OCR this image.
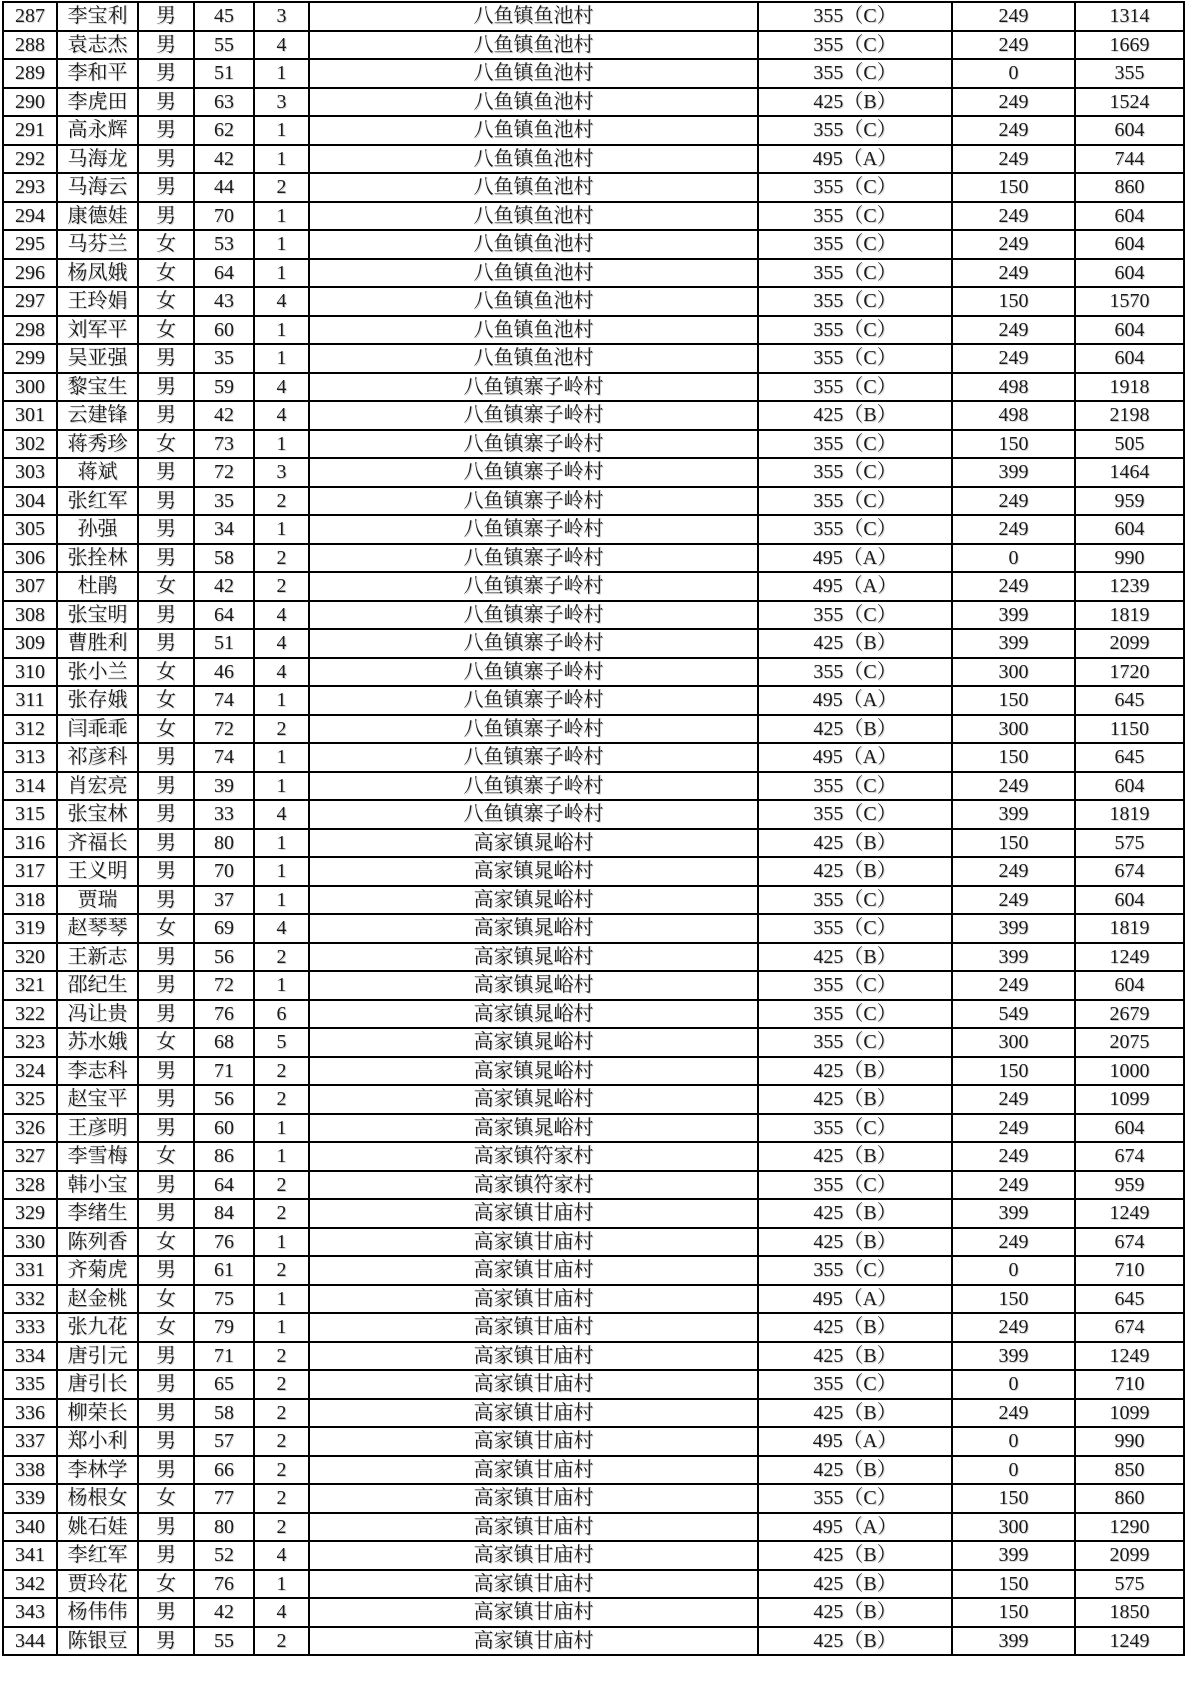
287	李宝利	男	45	3	八鱼镇鱼池村	355（C）	249	1314
288	袁志杰	男	55	4	八鱼镇鱼池村	355（C）	249	1669
289	李和平	男	51	1	八鱼镇鱼池村	355（C）	0	355
290	李虎田	男	63	3	八鱼镇鱼池村	425（B）	249	1524
291	高永辉	男	62	1	八鱼镇鱼池村	355（C）	249	604
292	马海龙	男	42	1	八鱼镇鱼池村	495（A）	249	744
293	马海云	男	44	2	八鱼镇鱼池村	355（C）	150	860
294	康德娃	男	70	1	八鱼镇鱼池村	355（C）	249	604
295	马芬兰	女	53	1	八鱼镇鱼池村	355（C）	249	604
296	杨凤娥	女	64	1	八鱼镇鱼池村	355（C）	249	604
297	王玲娟	女	43	4	八鱼镇鱼池村	355（C）	150	1570
298	刘军平	女	60	1	八鱼镇鱼池村	355（C）	249	604
299	吴亚强	男	35	1	八鱼镇鱼池村	355（C）	249	604
300	黎宝生	男	59	4	八鱼镇寨子岭村	355（C）	498	1918
301	云建锋	男	42	4	八鱼镇寨子岭村	425（B）	498	2198
302	蒋秀珍	女	73	1	八鱼镇寨子岭村	355（C）	150	505
303	蒋斌	男	72	3	八鱼镇寨子岭村	355（C）	399	1464
304	张红军	男	35	2	八鱼镇寨子岭村	355（C）	249	959
305	孙强	男	34	1	八鱼镇寨子岭村	355（C）	249	604
306	张拴林	男	58	2	八鱼镇寨子岭村	495（A）	0	990
307	杜鹃	女	42	2	八鱼镇寨子岭村	495（A）	249	1239
308	张宝明	男	64	4	八鱼镇寨子岭村	355（C）	399	1819
309	曹胜利	男	51	4	八鱼镇寨子岭村	425（B）	399	2099
310	张小兰	女	46	4	八鱼镇寨子岭村	355（C）	300	1720
311	张存娥	女	74	1	八鱼镇寨子岭村	495（A）	150	645
312	闫乖乖	女	72	2	八鱼镇寨子岭村	425（B）	300	1150
313	祁彦科	男	74	1	八鱼镇寨子岭村	495（A）	150	645
314	肖宏亮	男	39	1	八鱼镇寨子岭村	355（C）	249	604
315	张宝林	男	33	4	八鱼镇寨子岭村	355（C）	399	1819
316	齐福长	男	80	1	高家镇晁峪村	425（B）	150	575
317	王义明	男	70	1	高家镇晁峪村	425（B）	249	674
318	贾瑞	男	37	1	高家镇晁峪村	355（C）	249	604
319	赵琴琴	女	69	4	高家镇晁峪村	355（C）	399	1819
320	王新志	男	56	2	高家镇晁峪村	425（B）	399	1249
321	邵纪生	男	72	1	高家镇晁峪村	355（C）	249	604
322	冯让贵	男	76	6	高家镇晁峪村	355（C）	549	2679
323	苏水娥	女	68	5	高家镇晁峪村	355（C）	300	2075
324	李志科	男	71	2	高家镇晁峪村	425（B）	150	1000
325	赵宝平	男	56	2	高家镇晁峪村	425（B）	249	1099
326	王彦明	男	60	1	高家镇晁峪村	355（C）	249	604
327	李雪梅	女	86	1	高家镇符家村	425（B）	249	674
328	韩小宝	男	64	2	高家镇符家村	355（C）	249	959
329	李绪生	男	84	2	高家镇甘庙村	425（B）	399	1249
330	陈列香	女	76	1	高家镇甘庙村	425（B）	249	674
331	齐菊虎	男	61	2	高家镇甘庙村	355（C）	0	710
332	赵金桃	女	75	1	高家镇甘庙村	495（A）	150	645
333	张九花	女	79	1	高家镇甘庙村	425（B）	249	674
334	唐引元	男	71	2	高家镇甘庙村	425（B）	399	1249
335	唐引长	男	65	2	高家镇甘庙村	355（C）	0	710
336	柳荣长	男	58	2	高家镇甘庙村	425（B）	249	1099
337	郑小利	男	57	2	高家镇甘庙村	495（A）	0	990
338	李林学	男	66	2	高家镇甘庙村	425（B）	0	850
339	杨根女	女	77	2	高家镇甘庙村	355（C）	150	860
340	姚石娃	男	80	2	高家镇甘庙村	495（A）	300	1290
341	李红军	男	52	4	高家镇甘庙村	425（B）	399	2099
342	贾玲花	女	76	1	高家镇甘庙村	425（B）	150	575
343	杨伟伟	男	42	4	高家镇甘庙村	425（B）	150	1850
344	陈银豆	男	55	2	高家镇甘庙村	425（B）	399	1249
